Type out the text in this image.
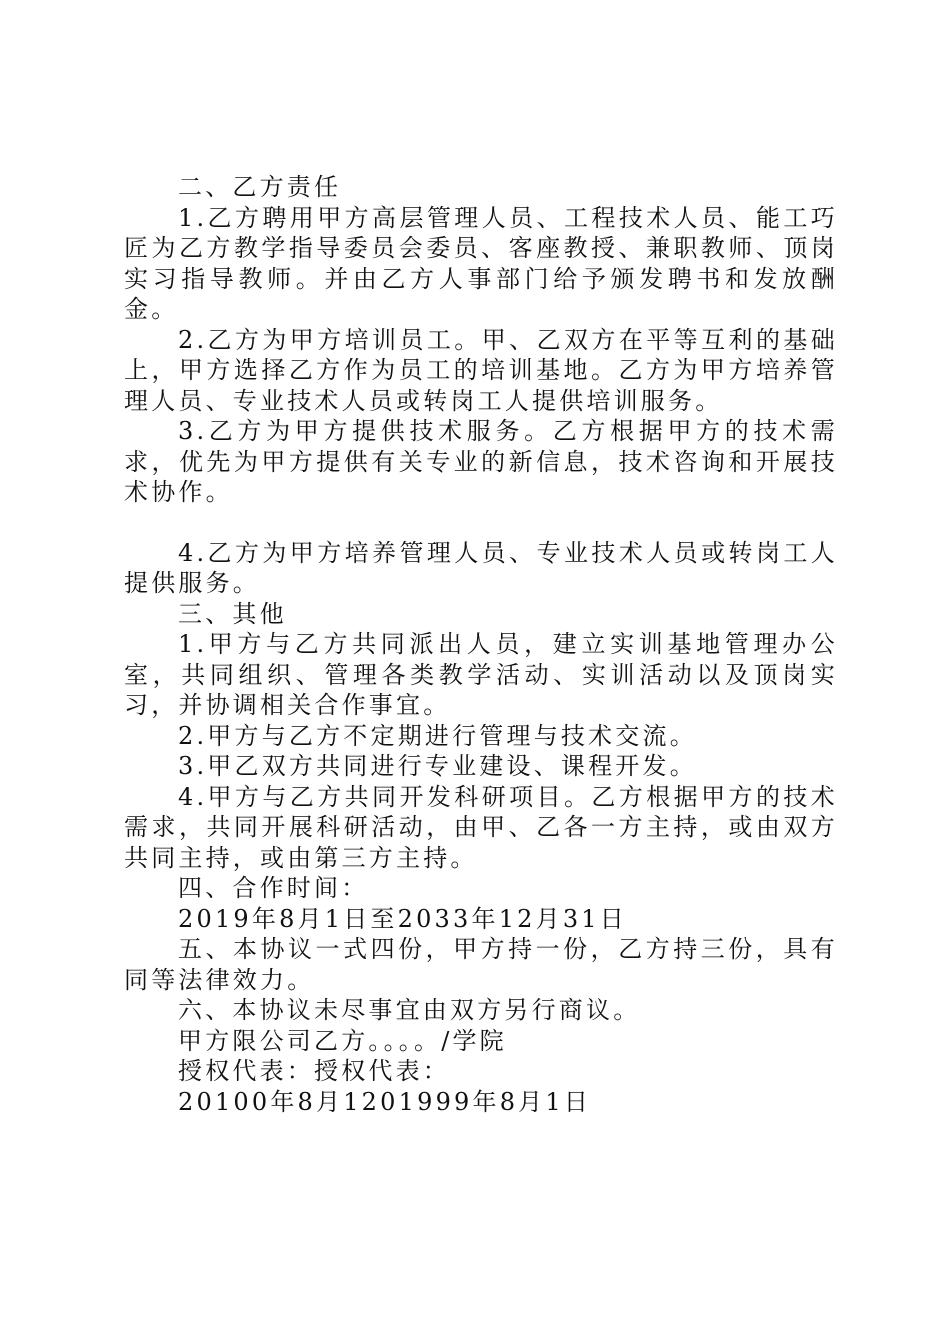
二、乙方责任

1.乙方聘用甲方高层管理人员、工程技术人员、能工巧匠为乙方教学指导委员会委员、客座教授、兼职教师、顶岗实习指导教师。并由乙方人事部门给予颁发聘书和发放酬金。

2.乙方为甲方培训员工。甲、乙双方在平等互利的基础上，甲方选择乙方作为员工的培训基地。乙方为甲方培养管理人员、专业技术人员或转岗工人提供培训服务。

3.乙方为甲方提供技术服务。乙方根据甲方的技术需求，优先为甲方提供有关专业的新信息，技术咨询和开展技术协作。

4.乙方为甲方培养管理人员、专业技术人员或转岗工人提供服务。

三、其他

1.甲方与乙方共同派出人员，建立实训基地管理办公室，共同组织、管理各类教学活动、实训活动以及顶岗实习，并协调相关合作事宜。

2.甲方与乙方不定期进行管理与技术交流。

3.甲乙双方共同进行专业建设、课程开发。

4.甲方与乙方共同开发科研项目。乙方根据甲方的技术需求，共同开展科研活动，由甲、乙各一方主持，或由双方共同主持，或由第三方主持。

四、合作时间：

2019年8月1日至2033年12月31日

五、本协议一式四份，甲方持一份，乙方持三份，具有同等法律效力。

六、本协议未尽事宜由双方另行商议。

甲方限公司乙方。。。。/学院

授权代表：授权代表：

20100年8月1201999年8月1日
